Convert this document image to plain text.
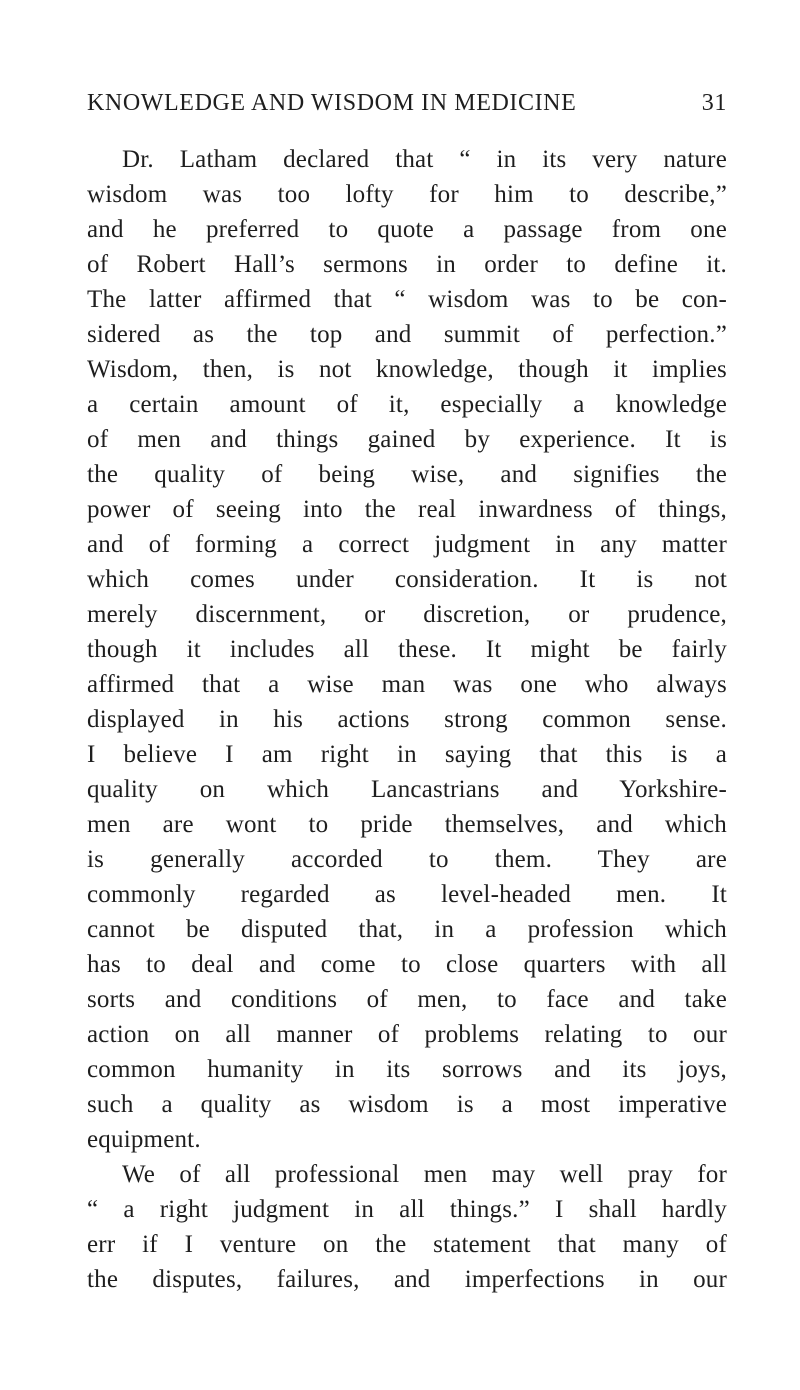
KNOWLEDGE AND WISDOM IN MEDICINE	31
Dr. Latham declared that “ in its very nature
wisdom was too lofty for him to describe,”
and he preferred to quote a passage from one
of Robert Hall’s sermons in order to define it.
The latter affirmed that “ wisdom was to be con-
sidered as the top and summit of perfection.”
Wisdom, then, is not knowledge, though it implies
a certain amount of it, especially a knowledge
of men and things gained by experience. It is
the quality of being wise, and signifies the
power of seeing into the real inwardness of things,
and of forming a correct judgment in any matter
which comes under consideration. It is not
merely discernment, or discretion, or prudence,
though it includes all these. It might be fairly
affirmed that a wise man was one who always
displayed in his actions strong common sense.
I believe I am right in saying that this is a
quality on which Lancastrians and Yorkshire-
men are wont to pride themselves, and which
is generally accorded to them. They are
commonly regarded as level-headed men. It
cannot be disputed that, in a profession which
has to deal and come to close quarters with all
sorts and conditions of men, to face and take
action on all manner of problems relating to our
common humanity in its sorrows and its joys,
such a quality as wisdom is a most imperative
equipment.
We of all professional men may well pray for
“ a right judgment in all things.” I shall hardly
err if I venture on the statement that many of
the disputes, failures, and imperfections in our
